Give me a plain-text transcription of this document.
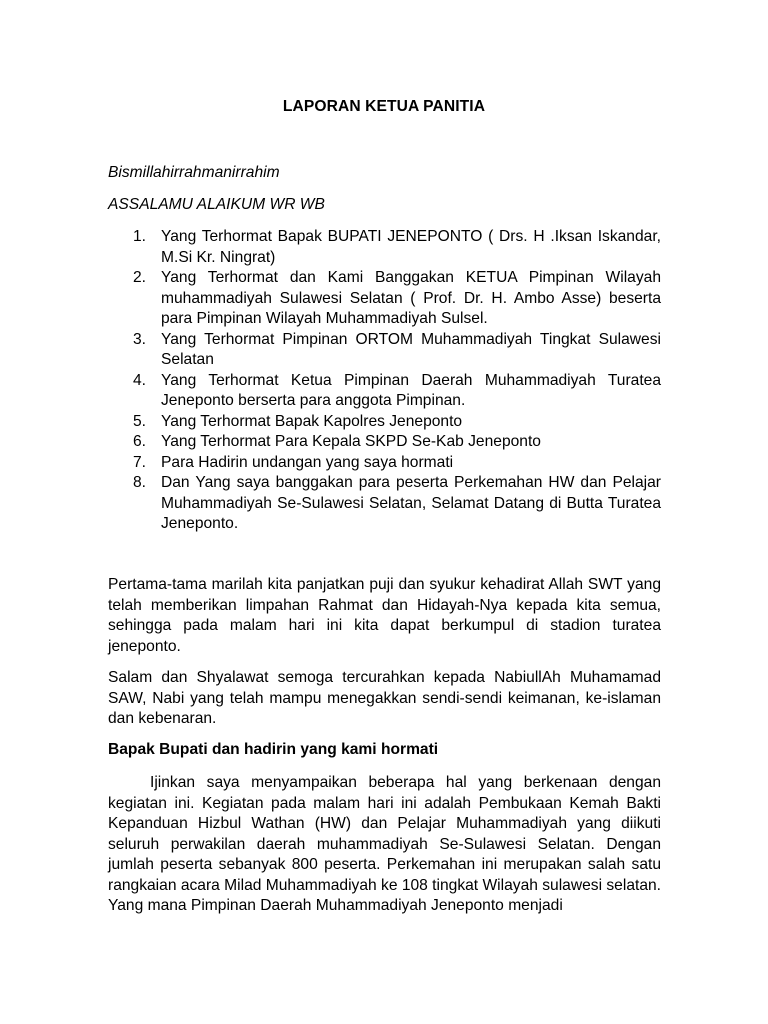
LAPORAN KETUA PANITIA
Bismillahirrahmanirrahim
ASSALAMU ALAIKUM WR WB
1. Yang Terhormat Bapak BUPATI JENEPONTO ( Drs. H .Iksan Iskandar, M.Si Kr. Ningrat)
2. Yang Terhormat dan Kami Banggakan KETUA Pimpinan Wilayah muhammadiyah Sulawesi Selatan ( Prof. Dr. H. Ambo Asse) beserta para Pimpinan Wilayah Muhammadiyah Sulsel.
3. Yang Terhormat Pimpinan ORTOM Muhammadiyah Tingkat Sulawesi Selatan
4. Yang Terhormat Ketua Pimpinan Daerah Muhammadiyah Turatea Jeneponto berserta para anggota Pimpinan.
5. Yang Terhormat Bapak Kapolres Jeneponto
6. Yang Terhormat Para Kepala SKPD Se-Kab Jeneponto
7. Para Hadirin undangan yang saya hormati
8. Dan Yang saya banggakan para peserta Perkemahan HW dan Pelajar Muhammadiyah Se-Sulawesi Selatan, Selamat Datang di Butta Turatea Jeneponto.

Pertama-tama marilah kita panjatkan puji dan syukur kehadirat Allah SWT yang telah memberikan limpahan Rahmat dan Hidayah-Nya kepada kita semua, sehingga pada malam hari ini kita dapat berkumpul di stadion turatea jeneponto.

Salam dan Shyalawat semoga tercurahkan kepada NabiullAh Muhamamad SAW, Nabi yang telah mampu menegakkan sendi-sendi keimanan, ke-islaman dan kebenaran.

Bapak Bupati dan hadirin yang kami hormati

Ijinkan saya menyampaikan beberapa hal yang berkenaan dengan kegiatan ini. Kegiatan pada malam hari ini adalah Pembukaan Kemah Bakti Kepanduan Hizbul Wathan (HW) dan Pelajar Muhammadiyah yang diikuti seluruh perwakilan daerah muhammadiyah Se-Sulawesi Selatan. Dengan jumlah peserta sebanyak 800 peserta. Perkemahan ini merupakan salah satu rangkaian acara Milad Muhammadiyah ke 108 tingkat Wilayah sulawesi selatan. Yang mana Pimpinan Daerah Muhammadiyah Jeneponto menjadi
